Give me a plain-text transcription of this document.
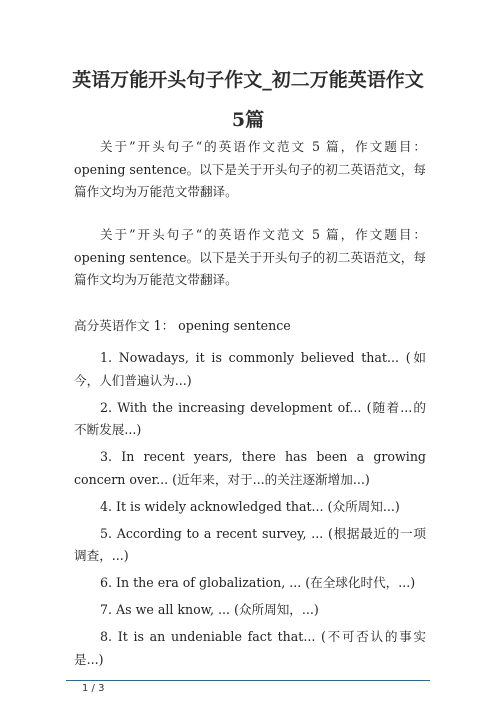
英语万能开头句子作文_初二万能英语作文
5篇
关于”开头句子“的英语作文范文 5 篇，作文题目：opening sentence。以下是关于开头句子的初二英语范文，每篇作文均为万能范文带翻译。
关于”开头句子“的英语作文范文 5 篇，作文题目：opening sentence。以下是关于开头句子的初二英语范文，每篇作文均为万能范文带翻译。
高分英语作文 1： opening sentence
1. Nowadays, it is commonly believed that... (如今，人们普遍认为...)
2. With the increasing development of... (随着...的不断发展...)
3. In recent years, there has been a growing concern over... (近年来，对于...的关注逐渐增加...)
4. It is widely acknowledged that... (众所周知...)
5. According to a recent survey, ... (根据最近的一项调查，...)
6. In the era of globalization, ... (在全球化时代，...)
7. As we all know, ... (众所周知，...)
8. It is an undeniable fact that... (不可否认的事实是...)
1 / 3
